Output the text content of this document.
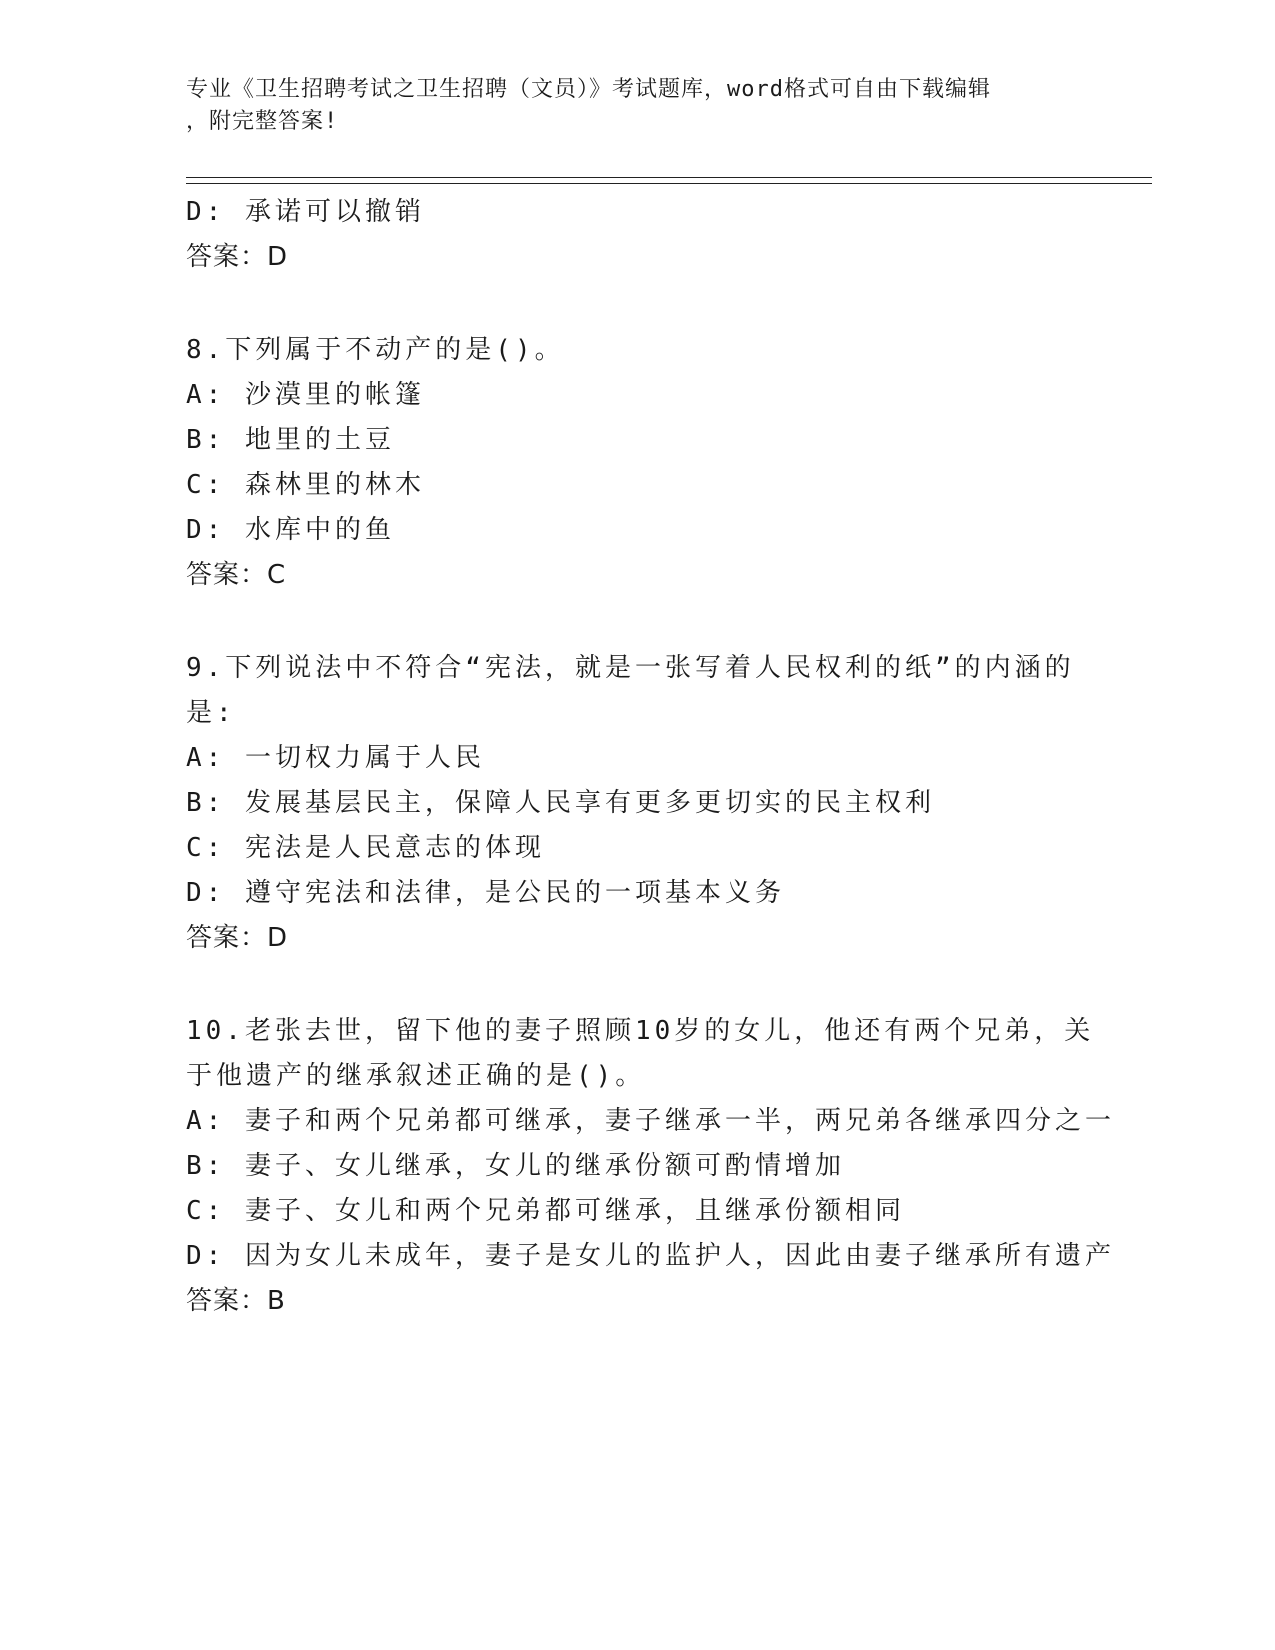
专业《卫生招聘考试之卫生招聘（文员）》考试题库，word格式可自由下载编辑
，附完整答案!
D: 承诺可以撤销
答案：D
8.下列属于不动产的是()。
A: 沙漠里的帐篷
B: 地里的土豆
C: 森林里的林木
D: 水库中的鱼
答案：C
9.下列说法中不符合“宪法，就是一张写着人民权利的纸”的内涵的
是:
A: 一切权力属于人民
B: 发展基层民主，保障人民享有更多更切实的民主权利
C: 宪法是人民意志的体现
D: 遵守宪法和法律，是公民的一项基本义务
答案：D
10.老张去世，留下他的妻子照顾10岁的女儿，他还有两个兄弟，关
于他遗产的继承叙述正确的是()。
A: 妻子和两个兄弟都可继承，妻子继承一半，两兄弟各继承四分之一
B: 妻子、女儿继承，女儿的继承份额可酌情增加
C: 妻子、女儿和两个兄弟都可继承，且继承份额相同
D: 因为女儿未成年，妻子是女儿的监护人，因此由妻子继承所有遗产
答案：B
